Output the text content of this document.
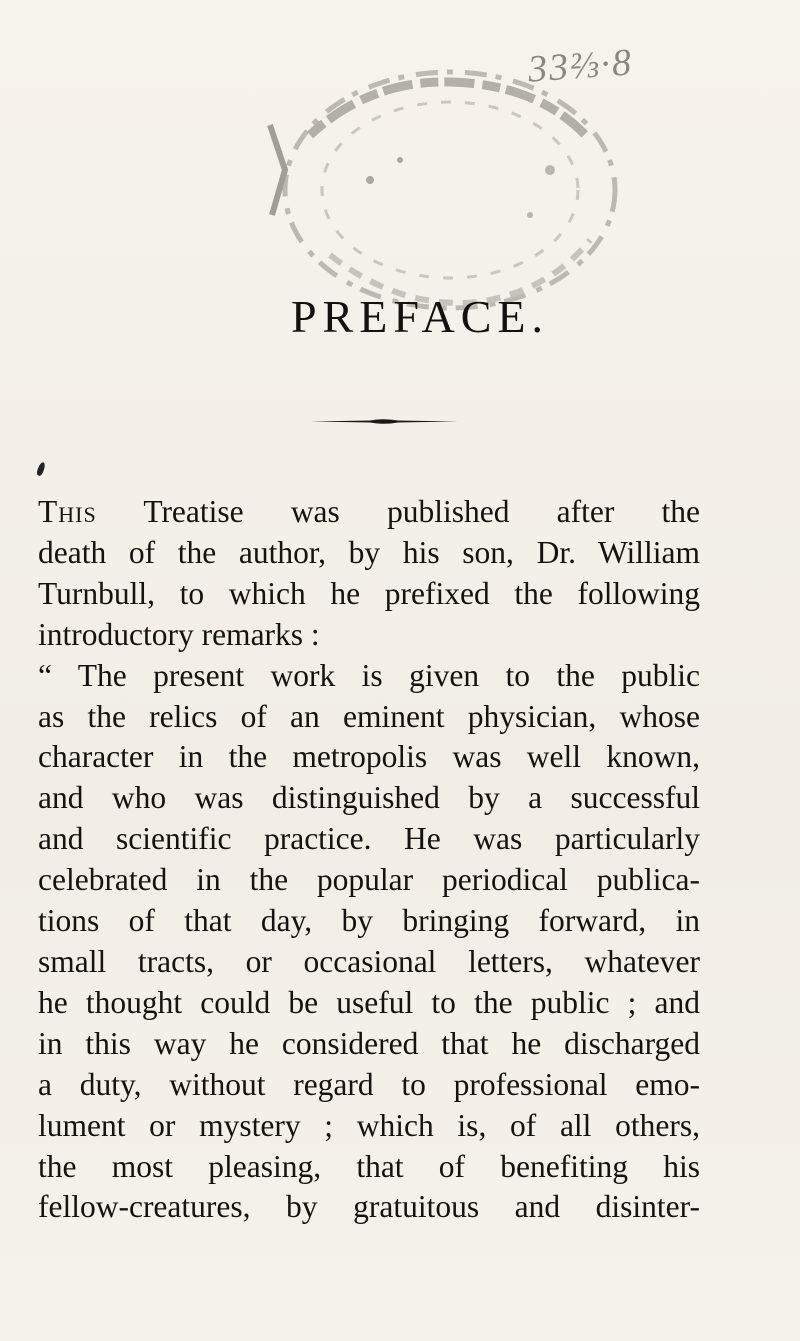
33⅔·8
PREFACE.

This Treatise was published after the
death of the author, by his son, Dr. William
Turnbull, to which he prefixed the following
introductory remarks :

“ The present work is given to the public
as the relics of an eminent physician, whose
character in the metropolis was well known,
and who was distinguished by a successful
and scientific practice. He was particularly
celebrated in the popular periodical publica-
tions of that day, by bringing forward, in
small tracts, or occasional letters, whatever
he thought could be useful to the public ; and
in this way he considered that he discharged
a duty, without regard to professional emo-
lument or mystery ; which is, of all others,
the most pleasing, that of benefiting his
fellow-creatures, by gratuitous and disinter-
